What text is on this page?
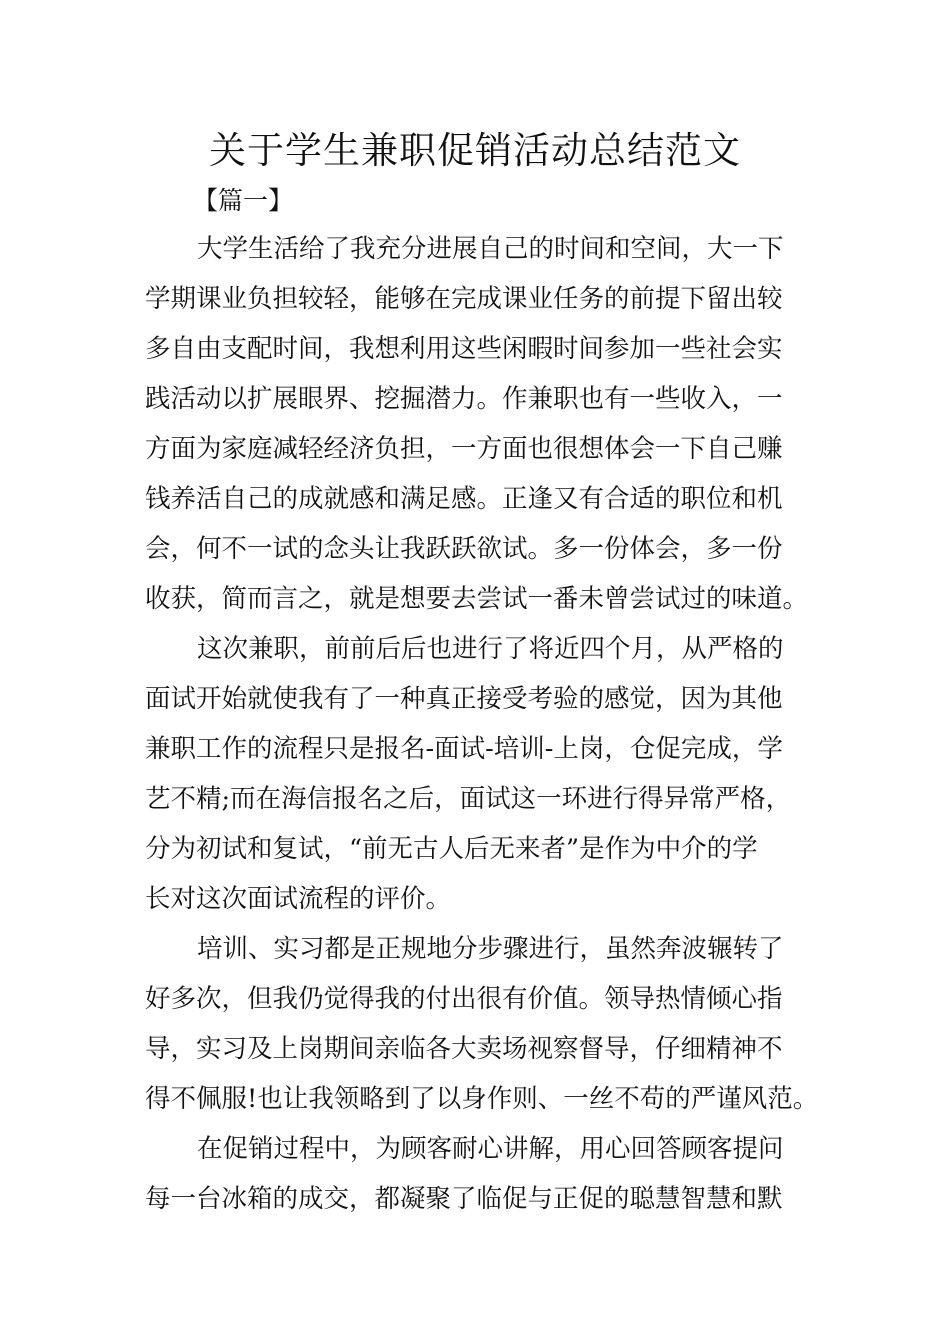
关于学生兼职促销活动总结范文
【篇一】

大学生活给了我充分进展自己的时间和空间，大一下

学期课业负担较轻，能够在完成课业任务的前提下留出较

多自由支配时间，我想利用这些闲暇时间参加一些社会实

践活动以扩展眼界、挖掘潜力。作兼职也有一些收入，一

方面为家庭减轻经济负担，一方面也很想体会一下自己赚

钱养活自己的成就感和满足感。正逢又有合适的职位和机

会，何不一试的念头让我跃跃欲试。多一份体会，多一份

收获，简而言之，就是想要去尝试一番未曾尝试过的味道。

这次兼职，前前后后也进行了将近四个月，从严格的

面试开始就使我有了一种真正接受考验的感觉，因为其他

兼职工作的流程只是报名-面试-培训-上岗，仓促完成，学

艺不精;而在海信报名之后，面试这一环进行得异常严格，

分为初试和复试，“前无古人后无来者”是作为中介的学

长对这次面试流程的评价。

培训、实习都是正规地分步骤进行，虽然奔波辗转了

好多次，但我仍觉得我的付出很有价值。领导热情倾心指

导，实习及上岗期间亲临各大卖场视察督导，仔细精神不

得不佩服!也让我领略到了以身作则、一丝不苟的严谨风范。

在促销过程中，为顾客耐心讲解，用心回答顾客提问

每一台冰箱的成交，都凝聚了临促与正促的聪慧智慧和默
